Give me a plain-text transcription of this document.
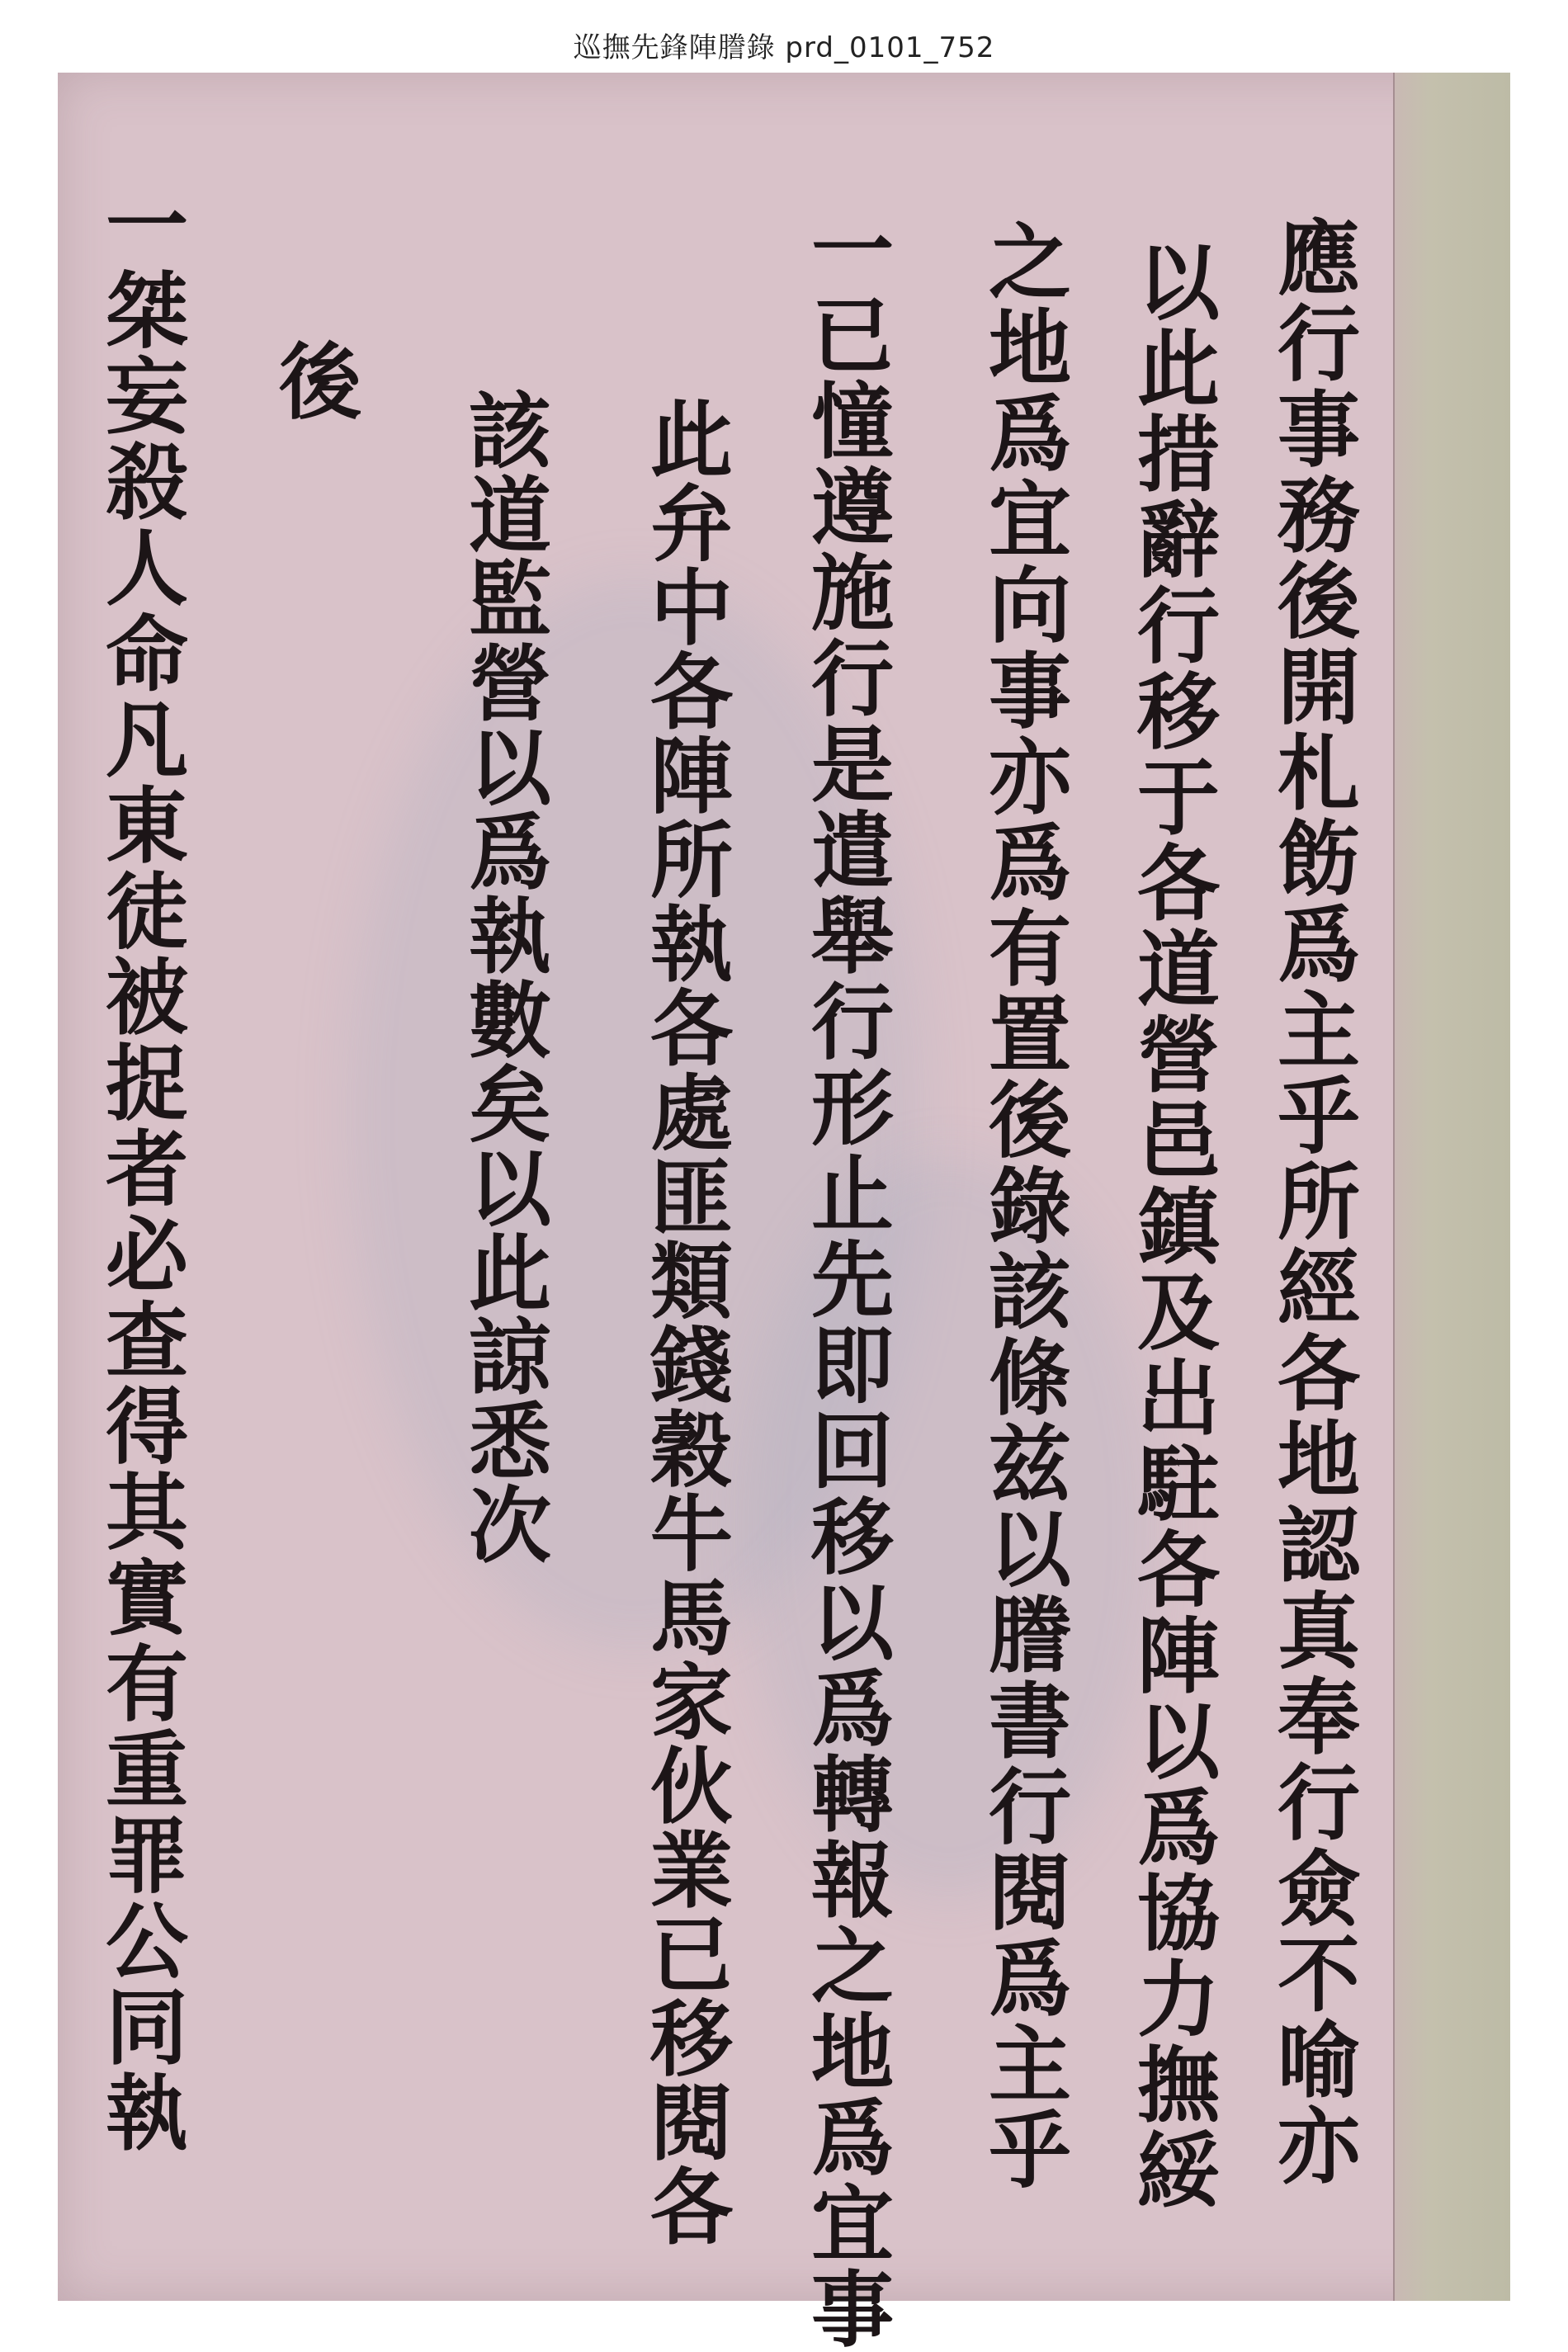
巡撫先鋒陣謄錄 prd_0101_752
應行事務後開札飭爲主乎所經各地認真奉行僉不喻亦
以此措辭行移于各道營邑鎮及出駐各陣以爲協力撫綏
之地爲宜向事亦爲有置後錄該條兹以謄書行閱爲主乎
一已憧遵施行是遣舉行形止先即回移以爲轉報之地爲宜事
此弁中各陣所執各處匪類錢穀牛馬家伙業已移閱各
該道監營以爲執數矣以此諒悉次
後
一桀妄殺人命凡東徒被捉者必查得其實有重罪公同執
